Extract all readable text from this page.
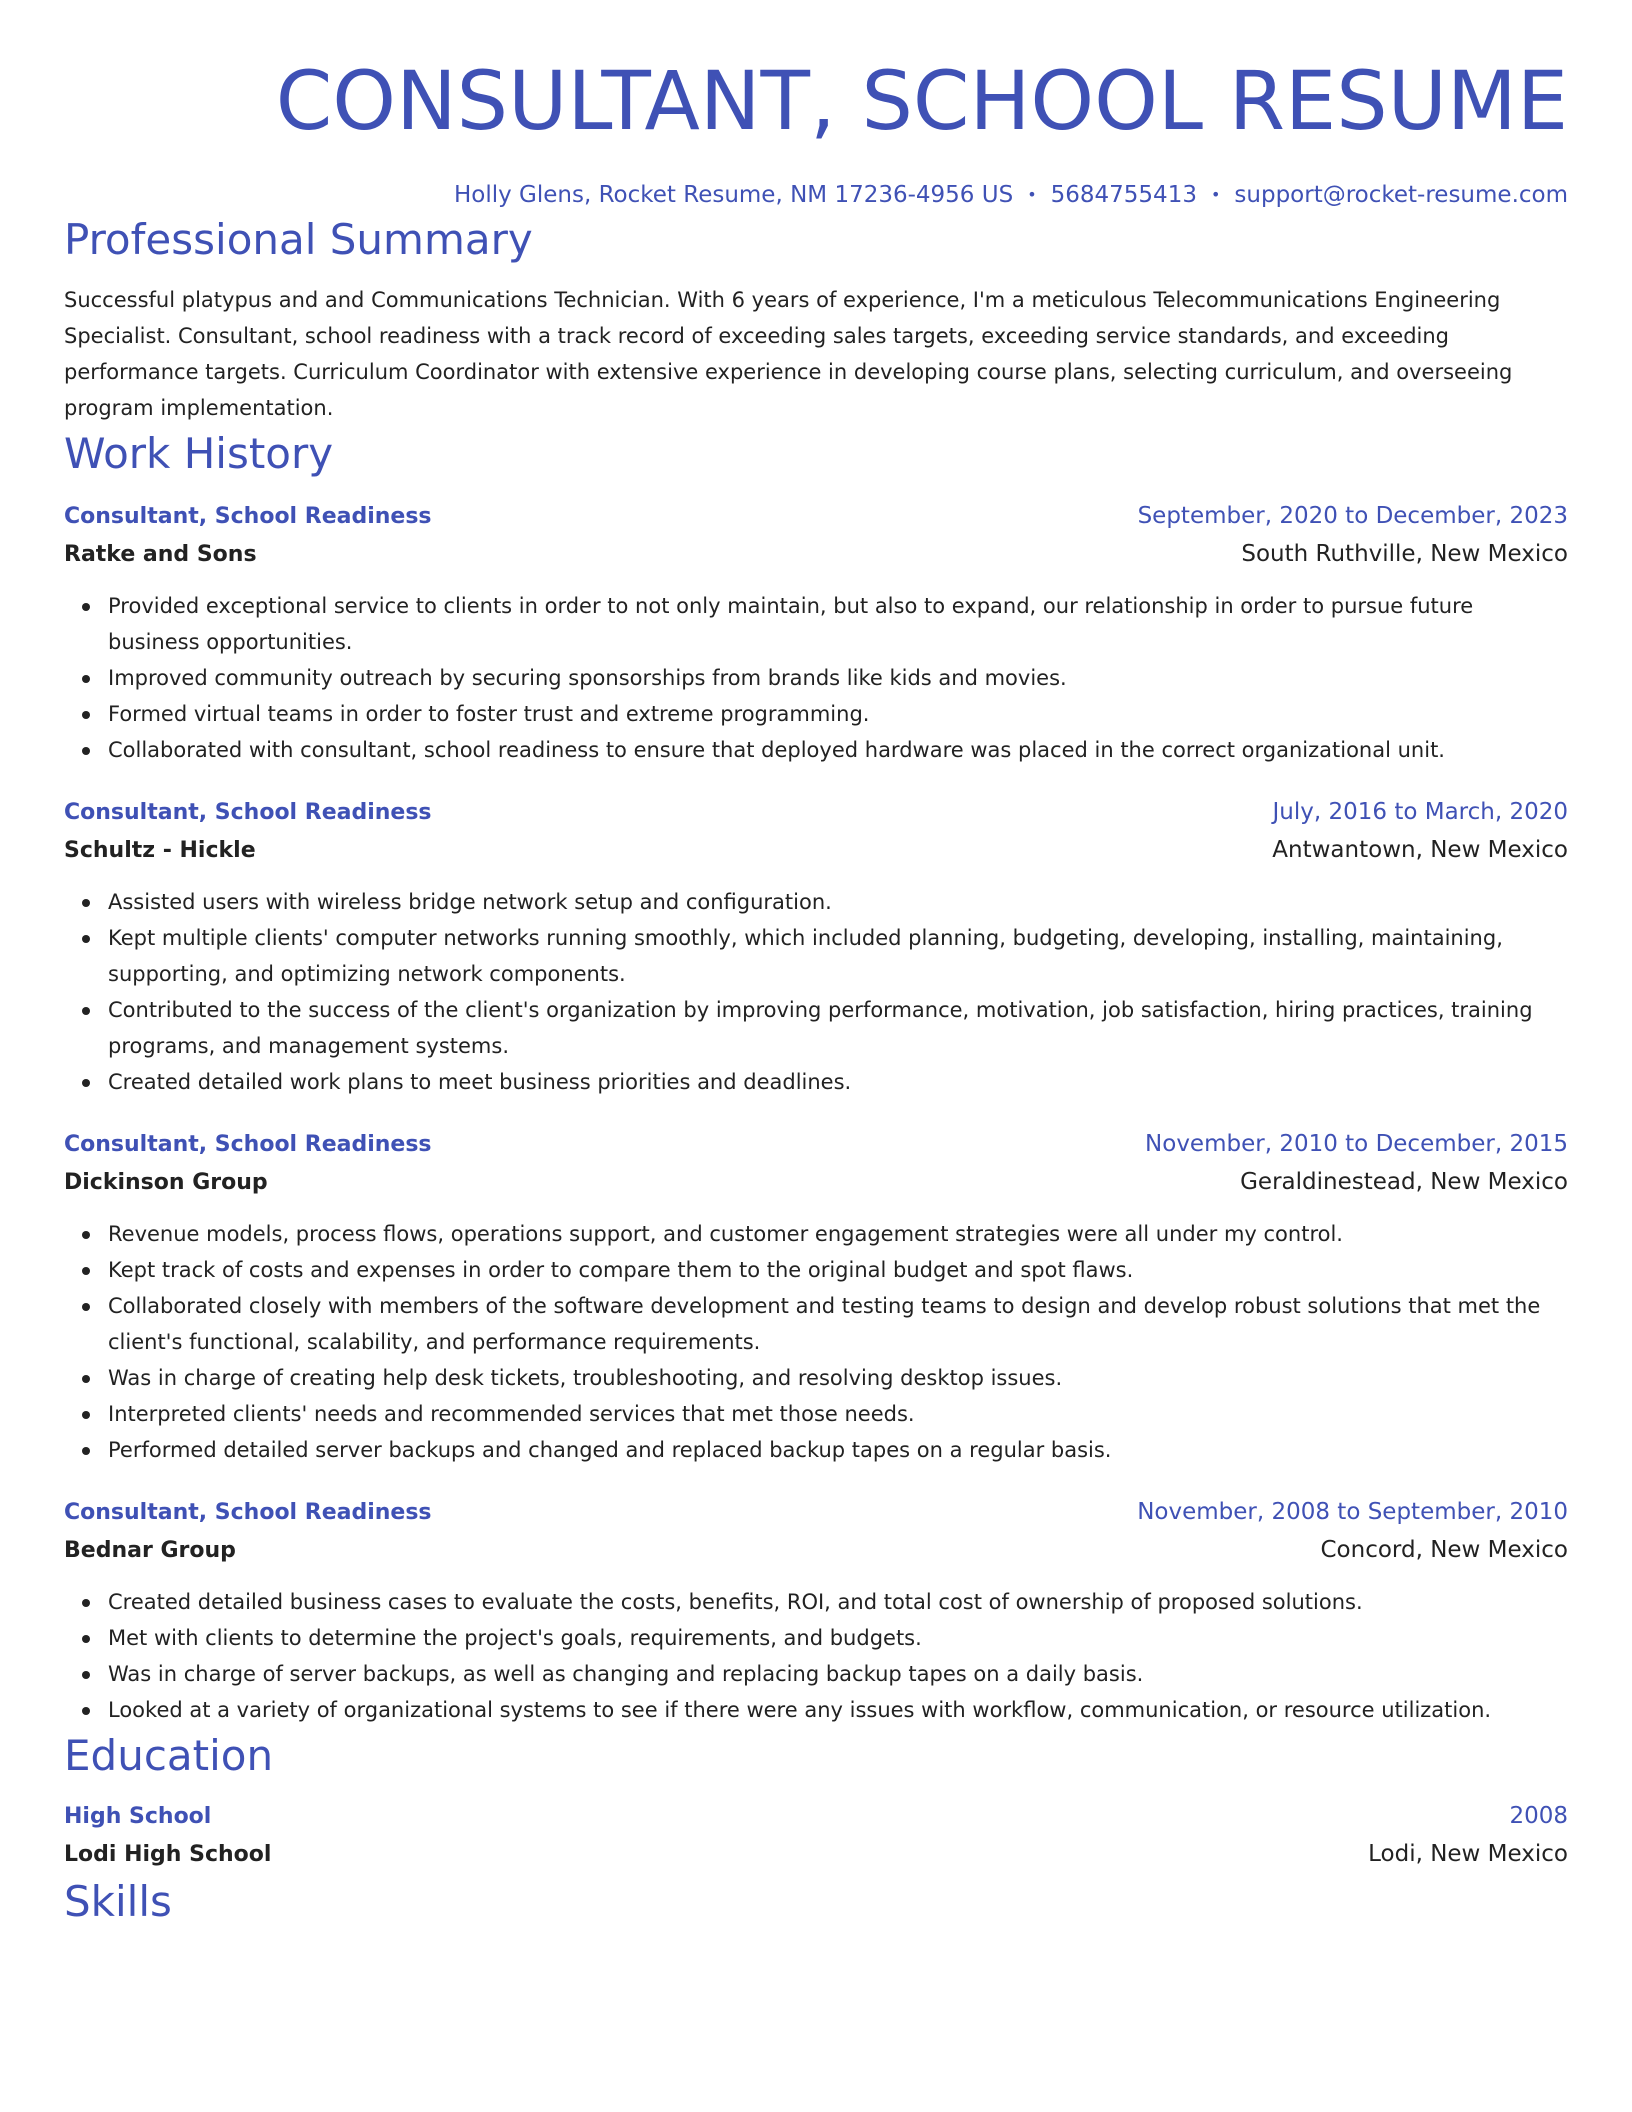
CONSULTANT, SCHOOL RESUME
Holly Glens, Rocket Resume, NM 17236-4956 US • 5684755413 • support@rocket-resume.com
Professional Summary
Successful platypus and and Communications Technician. With 6 years of experience, I'm a meticulous Telecommunications Engineering Specialist. Consultant, school readiness with a track record of exceeding sales targets, exceeding service standards, and exceeding performance targets. Curriculum Coordinator with extensive experience in developing course plans, selecting curriculum, and overseeing program implementation.
Work History
Consultant, School Readiness	September, 2020 to December, 2023
Ratke and Sons	South Ruthville, New Mexico
Provided exceptional service to clients in order to not only maintain, but also to expand, our relationship in order to pursue future business opportunities.
Improved community outreach by securing sponsorships from brands like kids and movies.
Formed virtual teams in order to foster trust and extreme programming.
Collaborated with consultant, school readiness to ensure that deployed hardware was placed in the correct organizational unit.
Consultant, School Readiness	July, 2016 to March, 2020
Schultz - Hickle	Antwantown, New Mexico
Assisted users with wireless bridge network setup and configuration.
Kept multiple clients' computer networks running smoothly, which included planning, budgeting, developing, installing, maintaining, supporting, and optimizing network components.
Contributed to the success of the client's organization by improving performance, motivation, job satisfaction, hiring practices, training programs, and management systems.
Created detailed work plans to meet business priorities and deadlines.
Consultant, School Readiness	November, 2010 to December, 2015
Dickinson Group	Geraldinestead, New Mexico
Revenue models, process flows, operations support, and customer engagement strategies were all under my control.
Kept track of costs and expenses in order to compare them to the original budget and spot flaws.
Collaborated closely with members of the software development and testing teams to design and develop robust solutions that met the client's functional, scalability, and performance requirements.
Was in charge of creating help desk tickets, troubleshooting, and resolving desktop issues.
Interpreted clients' needs and recommended services that met those needs.
Performed detailed server backups and changed and replaced backup tapes on a regular basis.
Consultant, School Readiness	November, 2008 to September, 2010
Bednar Group	Concord, New Mexico
Created detailed business cases to evaluate the costs, benefits, ROI, and total cost of ownership of proposed solutions.
Met with clients to determine the project's goals, requirements, and budgets.
Was in charge of server backups, as well as changing and replacing backup tapes on a daily basis.
Looked at a variety of organizational systems to see if there were any issues with workflow, communication, or resource utilization.
Education
High School	2008
Lodi High School	Lodi, New Mexico
Skills
